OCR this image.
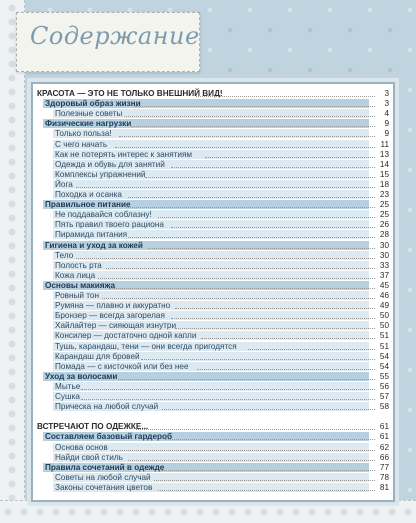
Содержание
КРАСОТА — ЭТО НЕ ТОЛЬКО ВНЕШНИЙ ВИД!	3
Здоровый образ жизни	3
Полезные советы	4
Физические нагрузки	9
Только польза!	9
С чего начать	11
Как не потерять интерес к занятиям	13
Одежда и обувь для занятий	14
Комплексы упражнений	15
Йога	18
Походка и осанка	23
Правильное питание	25
Не поддавайся соблазну!	25
Пять правил твоего рациона	26
Пирамида питания	28
Гигиена и уход за кожей	30
Тело	30
Полость рта	33
Кожа лица	37
Основы макияжа	45
Ровный тон	46
Румяна — плавно и аккуратно	49
Бронзер — всегда загорелая	50
Хайлайтер — сияющая изнутри	50
Консилер — достаточно одной капли	51
Тушь, карандаш, тени — они всегда пригодятся	51
Карандаш для бровей	54
Помада — с кисточкой или без нее	54
Уход за волосами	55
Мытье	56
Сушка	57
Прическа на любой случай	58
ВСТРЕЧАЮТ ПО ОДЕЖКЕ...	61
Составляем базовый гардероб	61
Основа основ	62
Найди свой стиль	66
Правила сочетаний в одежде	77
Советы на любой случай	78
Законы сочетания цветов	81
